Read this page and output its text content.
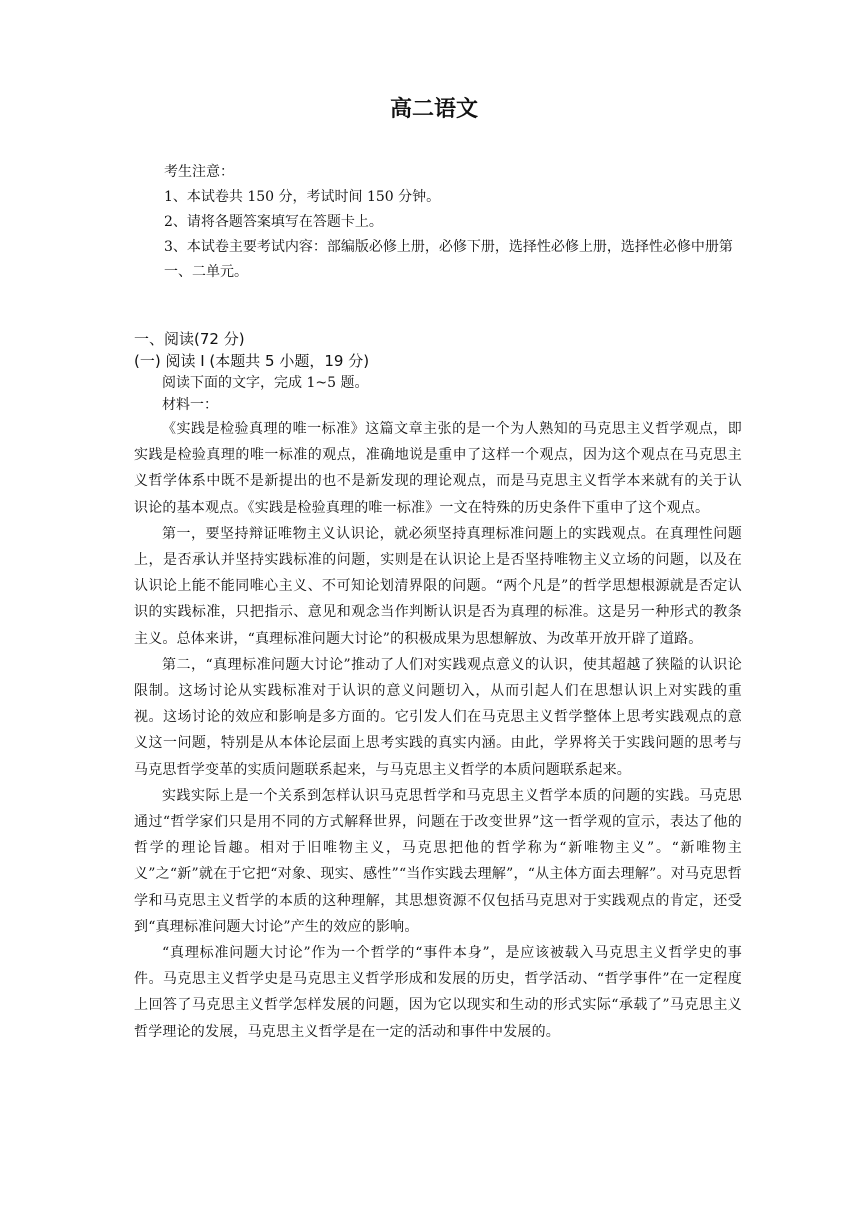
高二语文

考生注意：

1、本试卷共 150 分，考试时间 150 分钟。

2、请将各题答案填写在答题卡上。

3、本试卷主要考试内容：部编版必修上册，必修下册，选择性必修上册，选择性必修中册第

一、二单元。

一、阅读(72 分)

(一) 阅读 I (本题共 5 小题，19 分)

阅读下面的文字，完成 1~5 题。

材料一：

《实践是检验真理的唯一标准》这篇文章主张的是一个为人熟知的马克思主义哲学观点，即实践是检验真理的唯一标准的观点，准确地说是重申了这样一个观点，因为这个观点在马克思主义哲学体系中既不是新提出的也不是新发现的理论观点，而是马克思主义哲学本来就有的关于认识论的基本观点。《实践是检验真理的唯一标准》一文在特殊的历史条件下重申了这个观点。

第一，要坚持辩证唯物主义认识论，就必须坚持真理标准问题上的实践观点。在真理性问题上，是否承认并坚持实践标准的问题，实则是在认识论上是否坚持唯物主义立场的问题，以及在认识论上能不能同唯心主义、不可知论划清界限的问题。“两个凡是”的哲学思想根源就是否定认识的实践标准，只把指示、意见和观念当作判断认识是否为真理的标准。这是另一种形式的教条主义。总体来讲，“真理标准问题大讨论”的积极成果为思想解放、为改革开放开辟了道路。

第二，“真理标准问题大讨论”推动了人们对实践观点意义的认识，使其超越了狭隘的认识论限制。这场讨论从实践标准对于认识的意义问题切入，从而引起人们在思想认识上对实践的重视。这场讨论的效应和影响是多方面的。它引发人们在马克思主义哲学整体上思考实践观点的意义这一问题，特别是从本体论层面上思考实践的真实内涵。由此，学界将关于实践问题的思考与马克思哲学变革的实质问题联系起来，与马克思主义哲学的本质问题联系起来。

实践实际上是一个关系到怎样认识马克思哲学和马克思主义哲学本质的问题的实践。马克思通过“哲学家们只是用不同的方式解释世界，问题在于改变世界”这一哲学观的宣示，表达了他的哲学的理论旨趣。相对于旧唯物主义，马克思把他的哲学称为“新唯物主义”。“新唯物主义”之“新”就在于它把“对象、现实、感性”“当作实践去理解”，“从主体方面去理解”。对马克思哲学和马克思主义哲学的本质的这种理解，其思想资源不仅包括马克思对于实践观点的肯定，还受到“真理标准问题大讨论”产生的效应的影响。

“真理标准问题大讨论”作为一个哲学的“事件本身”，是应该被载入马克思主义哲学史的事件。马克思主义哲学史是马克思主义哲学形成和发展的历史，哲学活动、“哲学事件”在一定程度上回答了马克思主义哲学怎样发展的问题，因为它以现实和生动的形式实际“承载了”马克思主义哲学理论的发展，马克思主义哲学是在一定的活动和事件中发展的。
